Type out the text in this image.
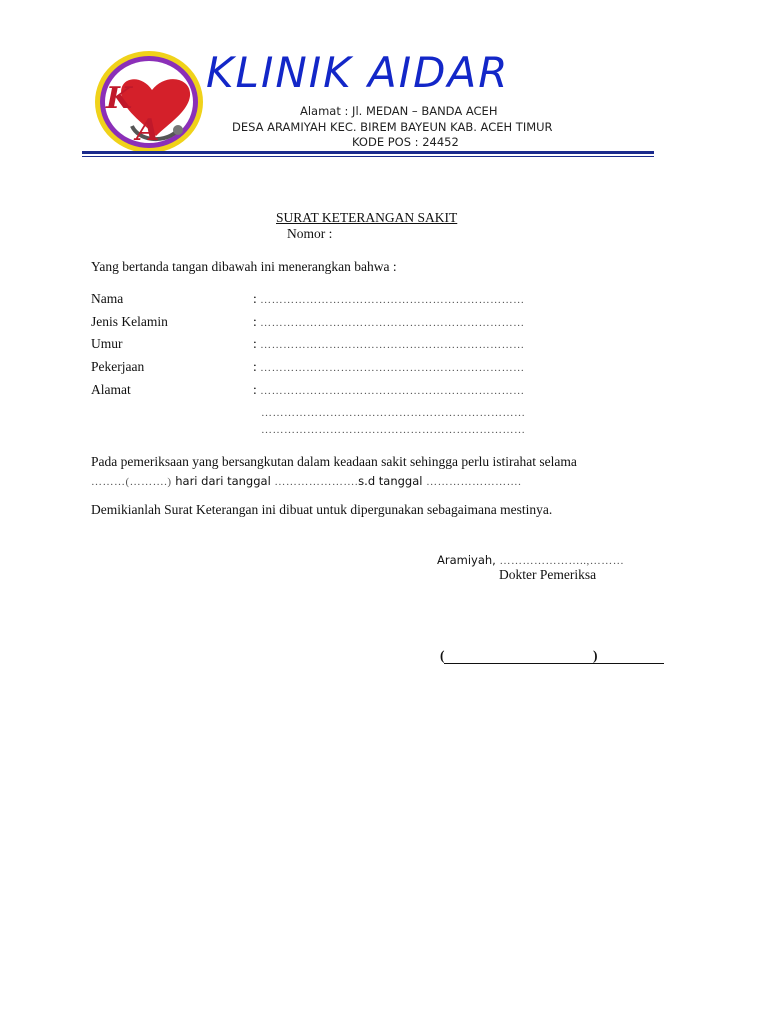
K
A
KLINIK AIDAR
Alamat : Jl. MEDAN – BANDA ACEH
DESA ARAMIYAH KEC. BIREM BAYEUN KAB. ACEH TIMUR
KODE POS : 24452
SURAT KETERANGAN SAKIT
Nomor :
Yang bertanda tangan dibawah ini menerangkan bahwa :
Nama	: ……………………………………………………………
Jenis Kelamin	: ……………………………………………………………
Umur	: ……………………………………………………………
Pekerjaan	: ……………………………………………………………
Alamat	: ……………………………………………………………
……………………………………………………………
……………………………………………………………
Pada pemeriksaan yang bersangkutan dalam keadaan sakit sehingga perlu istirahat selama
………(……….) hari dari tanggal ………………….s.d tanggal …………………….
Demikianlah Surat Keterangan ini dibuat untuk dipergunakan sebagaimana mestinya.
Aramiyah, …………………..,………
Dokter Pemeriksa
(                                            )
